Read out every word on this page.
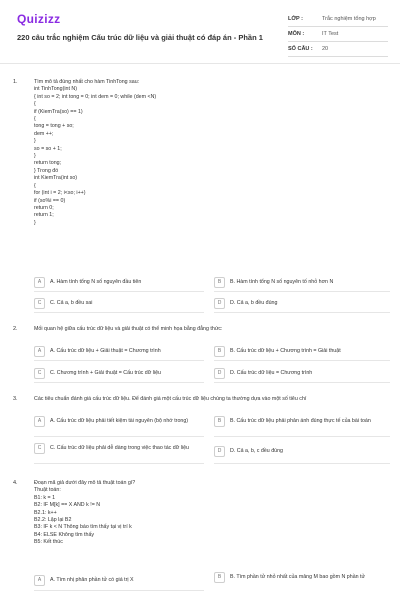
Quizizz
220 câu trắc nghiệm Cấu trúc dữ liệu và giải thuật có đáp án - Phần 1
LỚP :	Trắc nghiệm tổng hợp
MÔN :	IT Test
SỐ CÂU :	20
1.	Tìm mô tả đúng nhất cho hàm TinhTong sau:
int TinhTong(int N)
{ int so = 2; int tong = 0; int dem = 0; while (dem <N)
{
if (KiemTra(so) == 1)
{
tong = tong + so;
dem ++;
}
so = so + 1;
}
return tong;
} Trong đó
int KiemTra(int so)
{
for (int i = 2; i<so; i++)
if (so%i == 0)
return 0;
return 1;
}
A	A. Hàm tính tổng N số nguyên đầu tiên	B	B. Hàm tính tổng N số nguyên tố nhỏ hơn N
C	C. Cả a, b đều sai	D	D. Cả a, b đều đúng
2.	Mối quan hệ giữa cấu trúc dữ liệu và giải thuật có thể minh họa bằng đẳng thức:
A	A. Cấu trúc dữ liệu + Giải thuật = Chương trình	B	B. Cấu trúc dữ liệu + Chương trình = Giải thuật
C	C. Chương trình + Giải thuật = Cấu trúc dữ liệu	D	D. Cấu trúc dữ liệu = Chương trình
3.	Các tiêu chuẩn đánh giá cấu trúc dữ liệu. Để đánh giá một cấu trúc dữ liệu chúng ta thường dựa vào một số tiêu chí
A	A. Cấu trúc dữ liệu phải tiết kiệm tài nguyên (bộ nhớ trong)	B	B. Cấu trúc dữ liệu phải phản ánh đúng thực tế của bài toán
C	C. Cấu trúc dữ liệu phải dễ dàng trong việc thao tác dữ liệu	D	D. Cả a, b, c đều đúng
4.	Đoạn mã giả dưới đây mô tả thuật toán gì?
Thuật toán:
B1: k = 1
B2: IF M[k] == X AND k != N
B2.1: k++
B2.2: Lặp lại B2
B3: IF k < N Thông báo tìm thấy tại vị trí k
B4: ELSE Không tìm thấy
B5: Kết thúc
A	A. Tìm nhị phân phần tử có giá trị X	B	B. Tìm phần tử nhỏ nhất của mảng M bao gồm N phần tử
